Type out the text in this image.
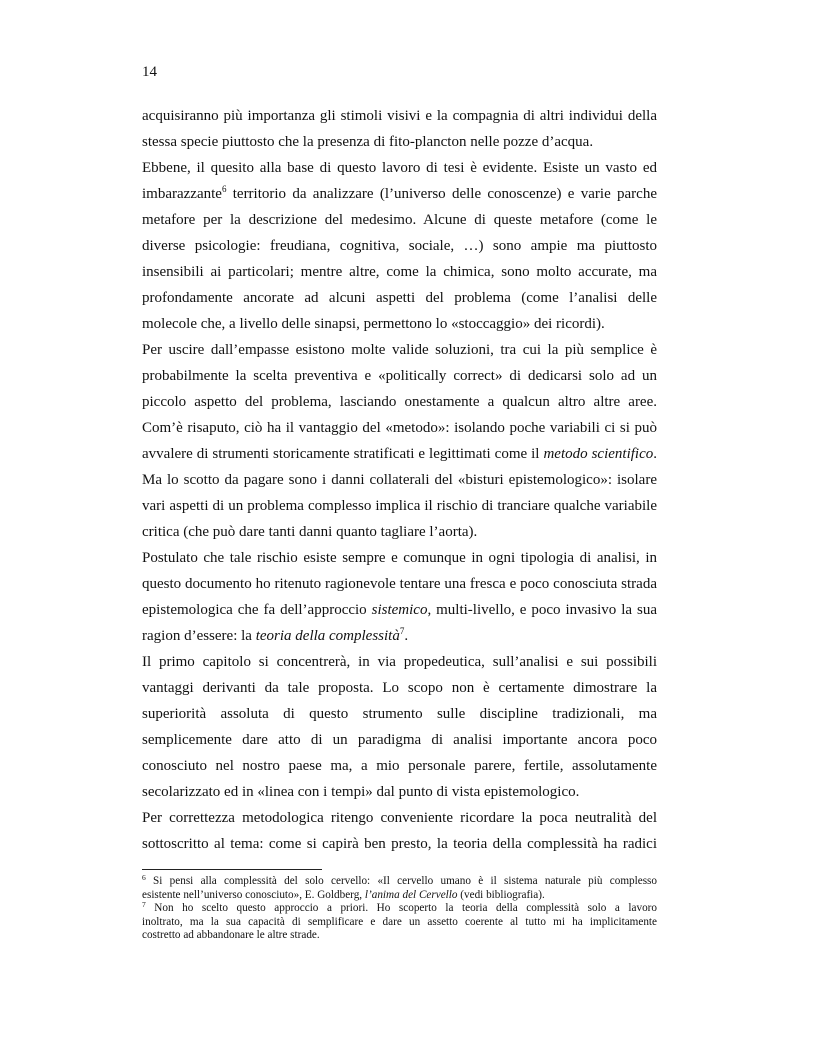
14
acquisiranno più importanza gli stimoli visivi e la compagnia di altri individui della
stessa specie piuttosto che la presenza di fito-plancton nelle pozze d’acqua.
Ebbene, il quesito alla base di questo lavoro di tesi è evidente. Esiste un vasto ed
imbarazzante$^6$ territorio da analizzare (l’universo delle conoscenze) e varie parche
metafore per la descrizione del medesimo. Alcune di queste metafore (come le
diverse psicologie: freudiana, cognitiva, sociale, …) sono ampie ma piuttosto
insensibili ai particolari; mentre altre, come la chimica, sono molto accurate, ma
profondamente ancorate ad alcuni aspetti del problema (come l’analisi delle
molecole che, a livello delle sinapsi, permettono lo «stoccaggio» dei ricordi).
Per uscire dall’empasse esistono molte valide soluzioni, tra cui la più semplice è
probabilmente la scelta preventiva e «politically correct» di dedicarsi solo ad un
piccolo aspetto del problema, lasciando onestamente a qualcun altro altre aree.
Com’è risaputo, ciò ha il vantaggio del «metodo»: isolando poche variabili ci si può
avvalere di strumenti storicamente stratificati e legittimati come il metodo scientifico.
Ma lo scotto da pagare sono i danni collaterali del «bisturi epistemologico»: isolare
vari aspetti di un problema complesso implica il rischio di tranciare qualche variabile
critica (che può dare tanti danni quanto tagliare l’aorta).
Postulato che tale rischio esiste sempre e comunque in ogni tipologia di analisi, in
questo documento ho ritenuto ragionevole tentare una fresca e poco conosciuta strada
epistemologica che fa dell’approccio sistemico, multi-livello, e poco invasivo la sua
ragion d’essere: la teoria della complessità$^7$.
Il primo capitolo si concentrerà, in via propedeutica, sull’analisi e sui possibili
vantaggi derivanti da tale proposta. Lo scopo non è certamente dimostrare la
superiorità assoluta di questo strumento sulle discipline tradizionali, ma
semplicemente dare atto di un paradigma di analisi importante ancora poco
conosciuto nel nostro paese ma, a mio personale parere, fertile, assolutamente
secolarizzato ed in «linea con i tempi» dal punto di vista epistemologico.
Per correttezza metodologica ritengo conveniente ricordare la poca neutralità del
sottoscritto al tema: come si capirà ben presto, la teoria della complessità ha radici
$^6$ Si pensi alla complessità del solo cervello: «Il cervello umano è il sistema naturale più complesso
esistente nell’universo conosciuto», E. Goldberg, l’anima del Cervello (vedi bibliografia).
$^7$ Non ho scelto questo approccio a priori. Ho scoperto la teoria della complessità solo a lavoro
inoltrato, ma la sua capacità di semplificare e dare un assetto coerente al tutto mi ha implicitamente
costretto ad abbandonare le altre strade.
